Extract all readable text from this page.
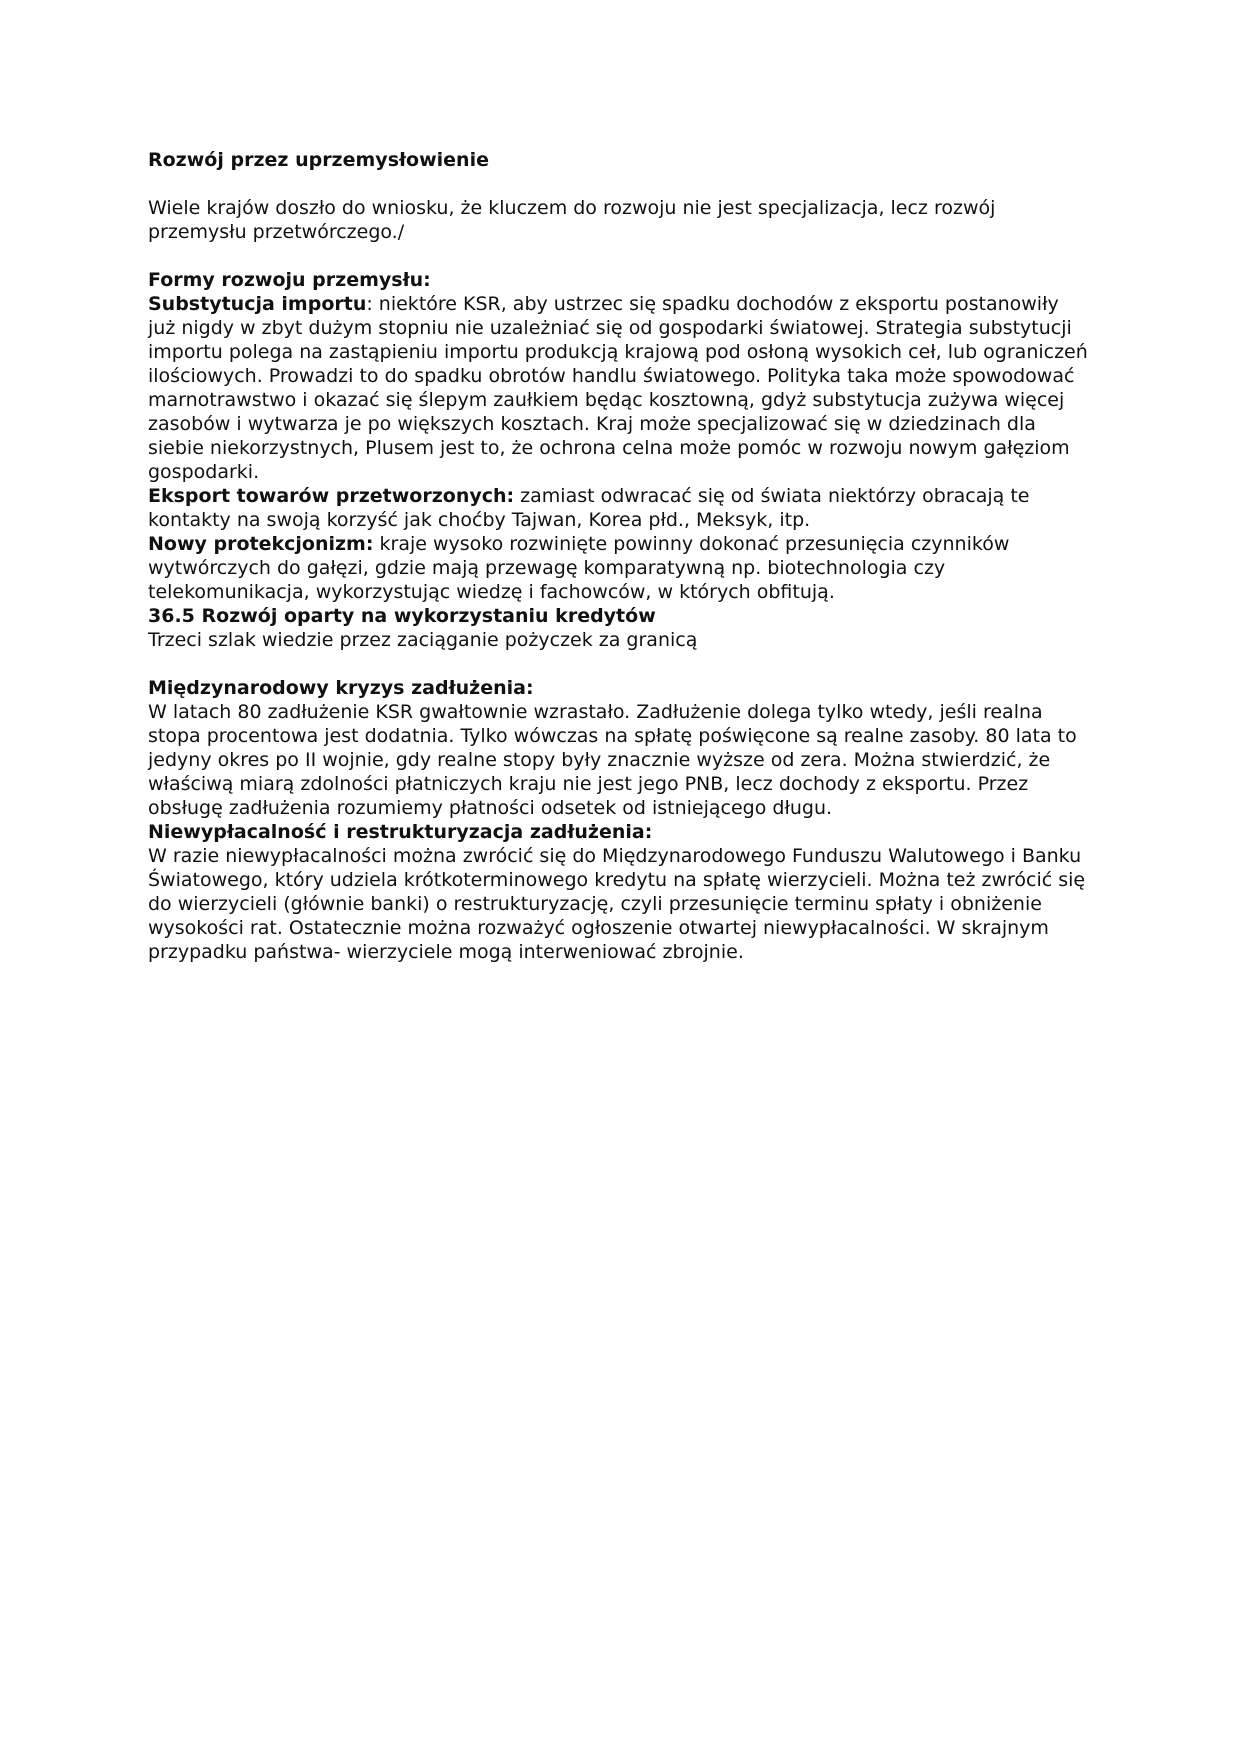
Rozwój przez uprzemysłowienie

Wiele krajów doszło do wniosku, że kluczem do rozwoju nie jest specjalizacja, lecz rozwój przemysłu przetwórczego./

Formy rozwoju przemysłu:

Substytucja importu: niektóre KSR, aby ustrzec się spadku dochodów z eksportu postanowiły już nigdy w zbyt dużym stopniu nie uzależniać się od gospodarki światowej. Strategia substytucji importu polega na zastąpieniu importu produkcją krajową pod osłoną wysokich ceł, lub ograniczeń ilościowych. Prowadzi to do spadku obrotów handlu światowego. Polityka taka może spowodować marnotrawstwo i okazać się ślepym zaułkiem będąc kosztowną, gdyż substytucja zużywa więcej zasobów i wytwarza je po większych kosztach. Kraj może specjalizować się w dziedzinach dla siebie niekorzystnych, Plusem jest to, że ochrona celna może pomóc w rozwoju nowym gałęziom gospodarki.

Eksport towarów przetworzonych: zamiast odwracać się od świata niektórzy obracają te kontakty na swoją korzyść jak choćby Tajwan, Korea płd., Meksyk, itp.

Nowy protekcjonizm: kraje wysoko rozwinięte powinny dokonać przesunięcia czynników wytwórczych do gałęzi, gdzie mają przewagę komparatywną np. biotechnologia czy telekomunikacja, wykorzystując wiedzę i fachowców, w których obfitują.

36.5 Rozwój oparty na wykorzystaniu kredytów

Trzeci szlak wiedzie przez zaciąganie pożyczek za granicą

Międzynarodowy kryzys zadłużenia:

W latach 80 zadłużenie KSR gwałtownie wzrastało. Zadłużenie dolega tylko wtedy, jeśli realna stopa procentowa jest dodatnia. Tylko wówczas na spłatę poświęcone są realne zasoby. 80 lata to jedyny okres po II wojnie, gdy realne stopy były znacznie wyższe od zera. Można stwierdzić, że właściwą miarą zdolności płatniczych kraju nie jest jego PNB, lecz dochody z eksportu. Przez obsługę zadłużenia rozumiemy płatności odsetek od istniejącego długu.

Niewypłacalność i restrukturyzacja zadłużenia:

W razie niewypłacalności można zwrócić się do Międzynarodowego Funduszu Walutowego i Banku Światowego, który udziela krótkoterminowego kredytu na spłatę wierzycieli. Można też zwrócić się do wierzycieli (głównie banki) o restrukturyzację, czyli przesunięcie terminu spłaty i obniżenie wysokości rat. Ostatecznie można rozważyć ogłoszenie otwartej niewypłacalności. W skrajnym przypadku państwa- wierzyciele mogą interweniować zbrojnie.
